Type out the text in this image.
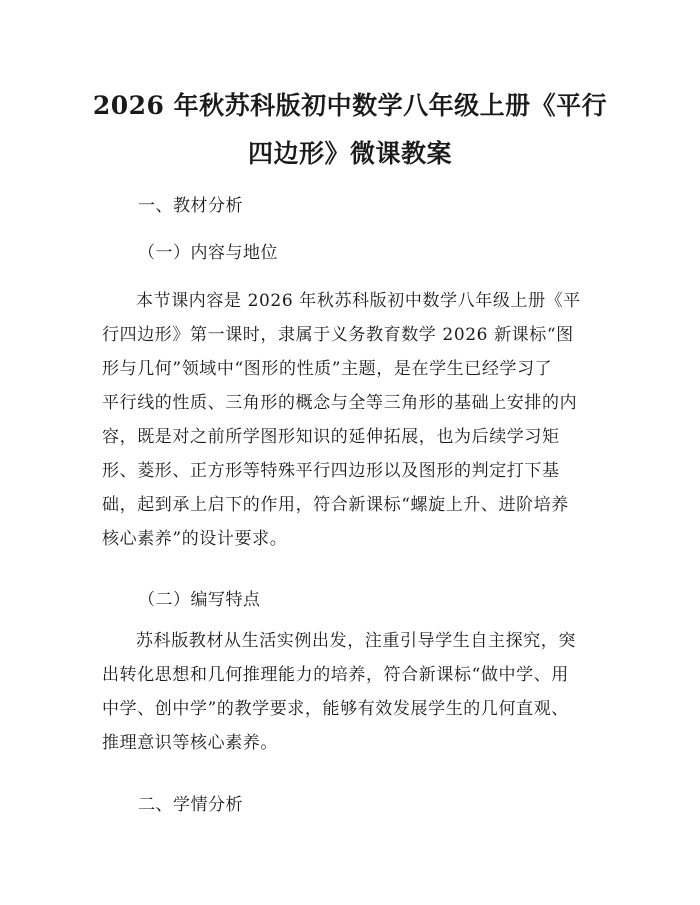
2026 年秋苏科版初中数学八年级上册《平行
四边形》微课教案
一、教材分析
（一）内容与地位
本节课内容是 2026 年秋苏科版初中数学八年级上册《平
行四边形》第一课时，隶属于义务教育数学 2026 新课标“图
形与几何”领域中“图形的性质”主题，是在学生已经学习了
平行线的性质、三角形的概念与全等三角形的基础上安排的内
容，既是对之前所学图形知识的延伸拓展，也为后续学习矩
形、菱形、正方形等特殊平行四边形以及图形的判定打下基
础，起到承上启下的作用，符合新课标“螺旋上升、进阶培养
核心素养”的设计要求。
（二）编写特点
苏科版教材从生活实例出发，注重引导学生自主探究，突
出转化思想和几何推理能力的培养，符合新课标“做中学、用
中学、创中学”的教学要求，能够有效发展学生的几何直观、
推理意识等核心素养。
二、学情分析
